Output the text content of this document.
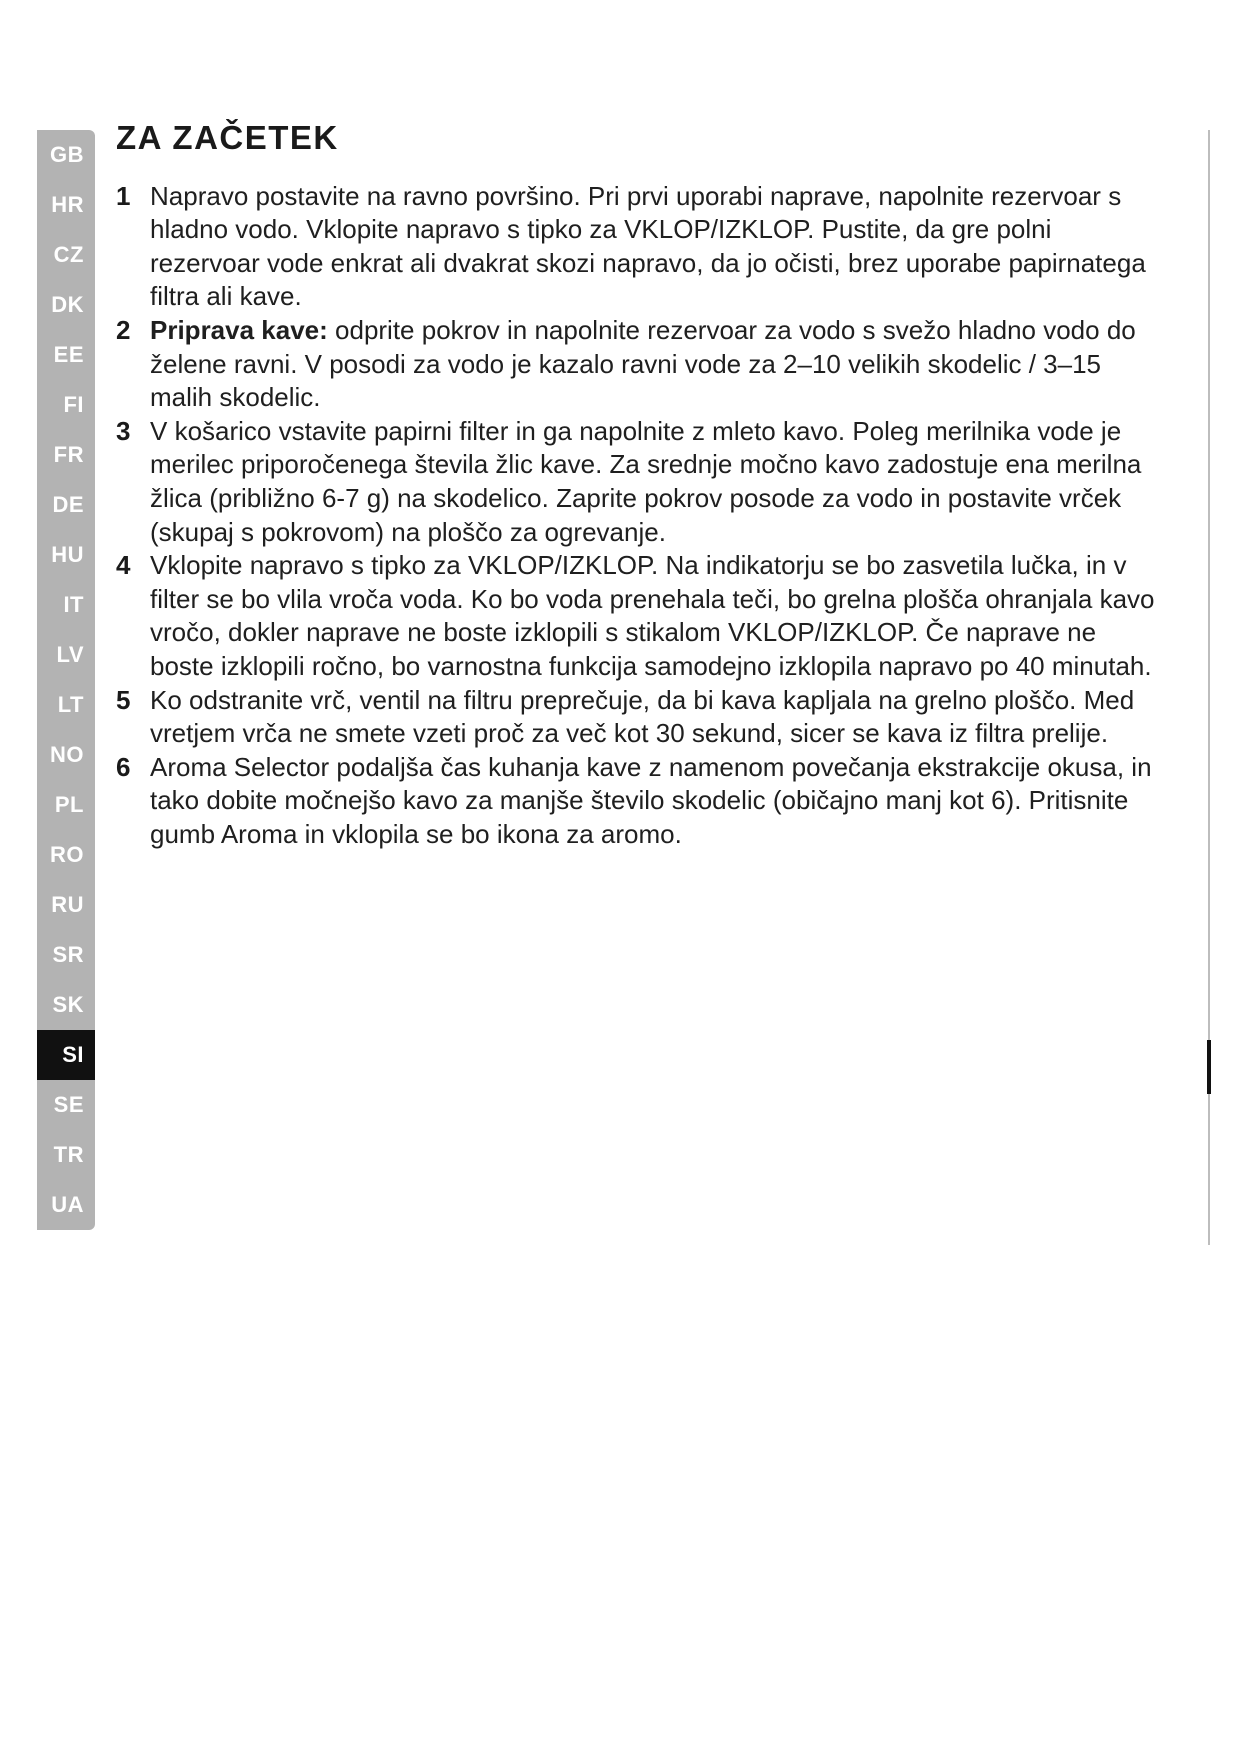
GB
HR
CZ
DK
EE
FI
FR
DE
HU
IT
LV
LT
NO
PL
RO
RU
SR
SK
SI
SE
TR
UA
ZA ZAČETEK
1 Napravo postavite na ravno površino. Pri prvi uporabi naprave, napolnite rezervoar s hladno vodo. Vklopite napravo s tipko za VKLOP/IZKLOP. Pustite, da gre polni rezervoar vode enkrat ali dvakrat skozi napravo, da jo očisti, brez uporabe papirnatega filtra ali kave.
2 Priprava kave: odprite pokrov in napolnite rezervoar za vodo s svežo hladno vodo do želene ravni. V posodi za vodo je kazalo ravni vode za 2–10 velikih skodelic / 3–15 malih skodelic.
3 V košarico vstavite papirni filter in ga napolnite z mleto kavo. Poleg merilnika vode je merilec priporočenega števila žlic kave. Za srednje močno kavo zadostuje ena merilna žlica (približno 6-7 g) na skodelico. Zaprite pokrov posode za vodo in postavite vrček (skupaj s pokrovom) na ploščo za ogrevanje.
4 Vklopite napravo s tipko za VKLOP/IZKLOP. Na indikatorju se bo zasvetila lučka, in v filter se bo vlila vroča voda. Ko bo voda prenehala teči, bo grelna plošča ohranjala kavo vročo, dokler naprave ne boste izklopili s stikalom VKLOP/IZKLOP. Če naprave ne boste izklopili ročno, bo varnostna funkcija samodejno izklopila napravo po 40 minutah.
5 Ko odstranite vrč, ventil na filtru preprečuje, da bi kava kapljala na grelno ploščo. Med vretjem vrča ne smete vzeti proč za več kot 30 sekund, sicer se kava iz filtra prelije.
6 Aroma Selector podaljša čas kuhanja kave z namenom povečanja ekstrakcije okusa, in tako dobite močnejšo kavo za manjše število skodelic (običajno manj kot 6). Pritisnite gumb Aroma in vklopila se bo ikona za aromo.
